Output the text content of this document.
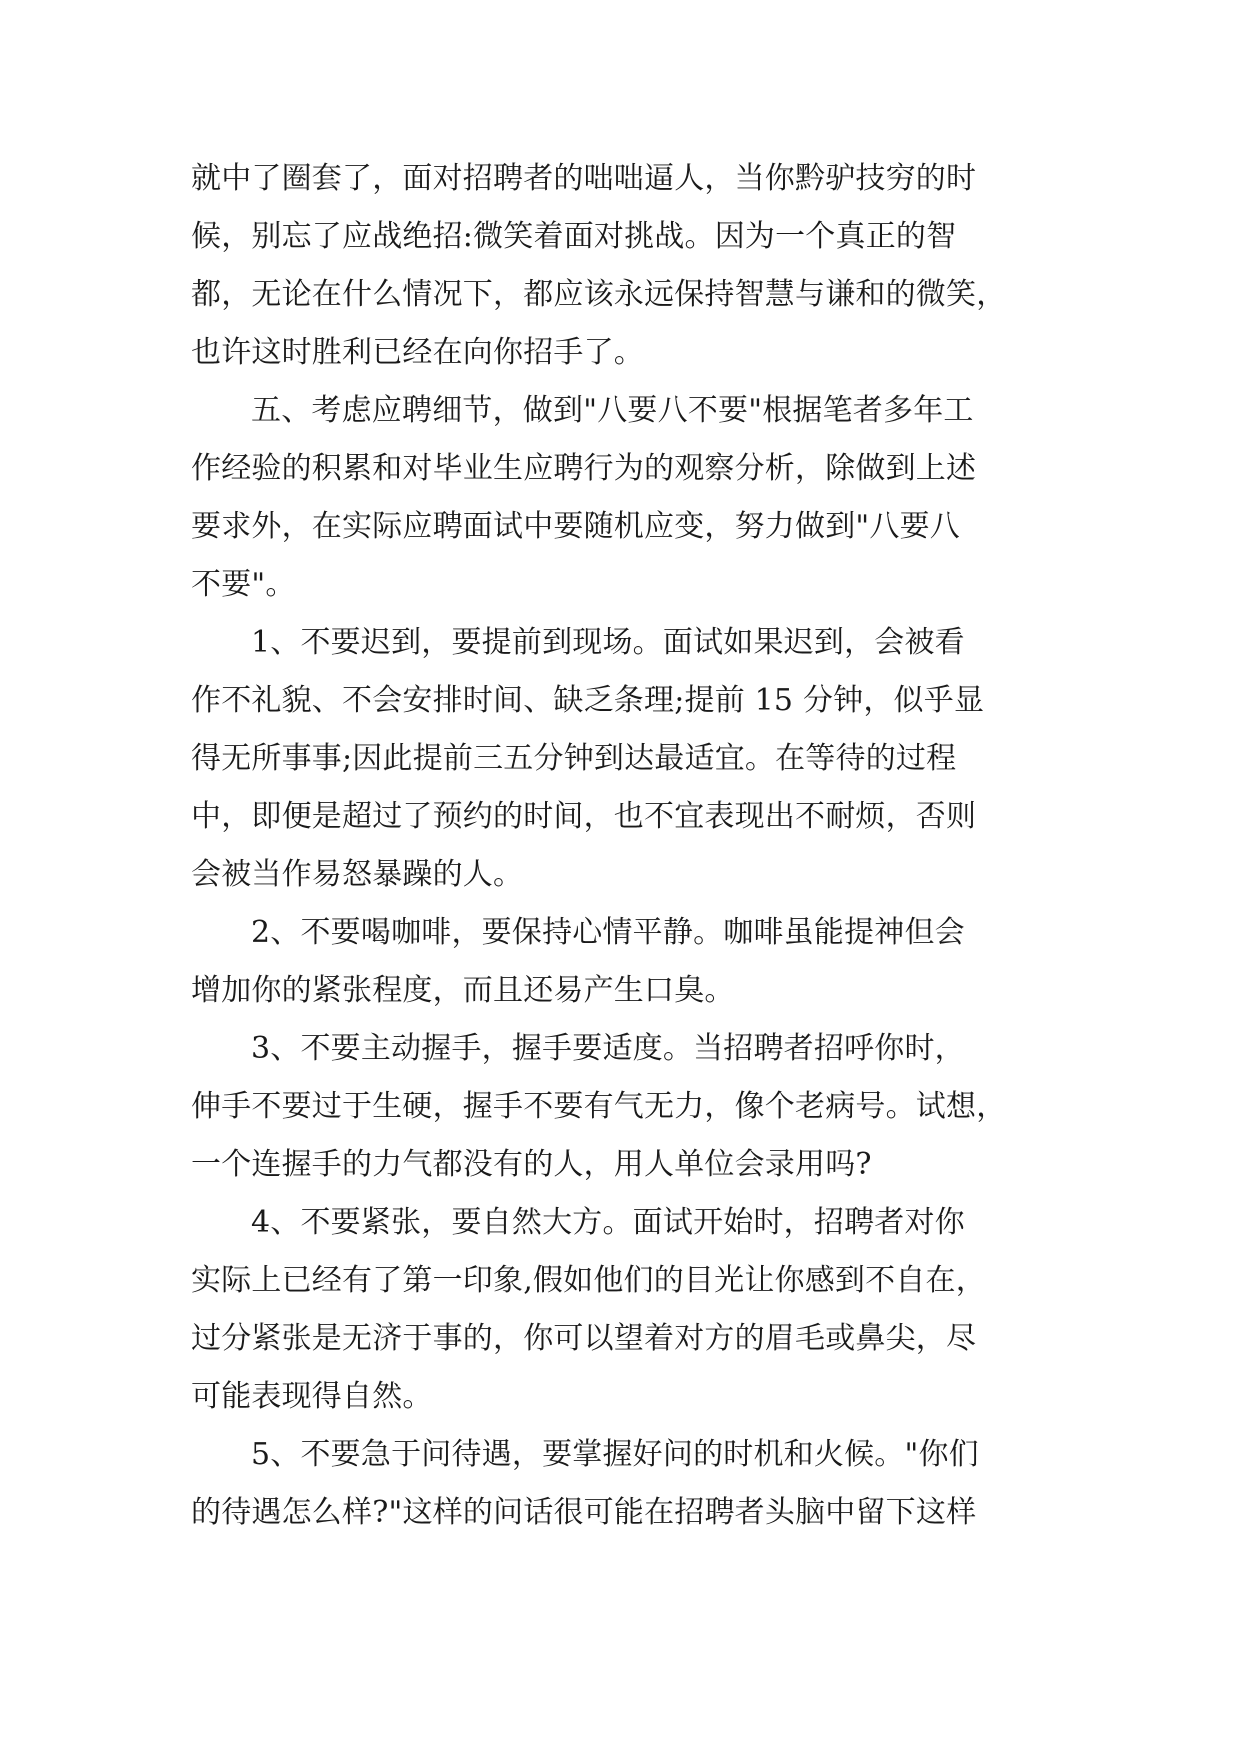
就中了圈套了，面对招聘者的咄咄逼人，当你黔驴技穷的时
候，别忘了应战绝招:微笑着面对挑战。因为一个真正的智
都，无论在什么情况下，都应该永远保持智慧与谦和的微笑，
也许这时胜利已经在向你招手了。
五、考虑应聘细节，做到"八要八不要"根据笔者多年工
作经验的积累和对毕业生应聘行为的观察分析，除做到上述
要求外，在实际应聘面试中要随机应变，努力做到"八要八
不要"。
1、不要迟到，要提前到现场。面试如果迟到，会被看
作不礼貌、不会安排时间、缺乏条理;提前 15 分钟，似乎显
得无所事事;因此提前三五分钟到达最适宜。在等待的过程
中，即便是超过了预约的时间，也不宜表现出不耐烦，否则
会被当作易怒暴躁的人。
2、不要喝咖啡，要保持心情平静。咖啡虽能提神但会
增加你的紧张程度，而且还易产生口臭。
3、不要主动握手，握手要适度。当招聘者招呼你时，
伸手不要过于生硬，握手不要有气无力，像个老病号。试想，
一个连握手的力气都没有的人，用人单位会录用吗?
4、不要紧张，要自然大方。面试开始时，招聘者对你
实际上已经有了第一印象,假如他们的目光让你感到不自在，
过分紧张是无济于事的，你可以望着对方的眉毛或鼻尖，尽
可能表现得自然。
5、不要急于问待遇，要掌握好问的时机和火候。"你们
的待遇怎么样?"这样的问话很可能在招聘者头脑中留下这样
